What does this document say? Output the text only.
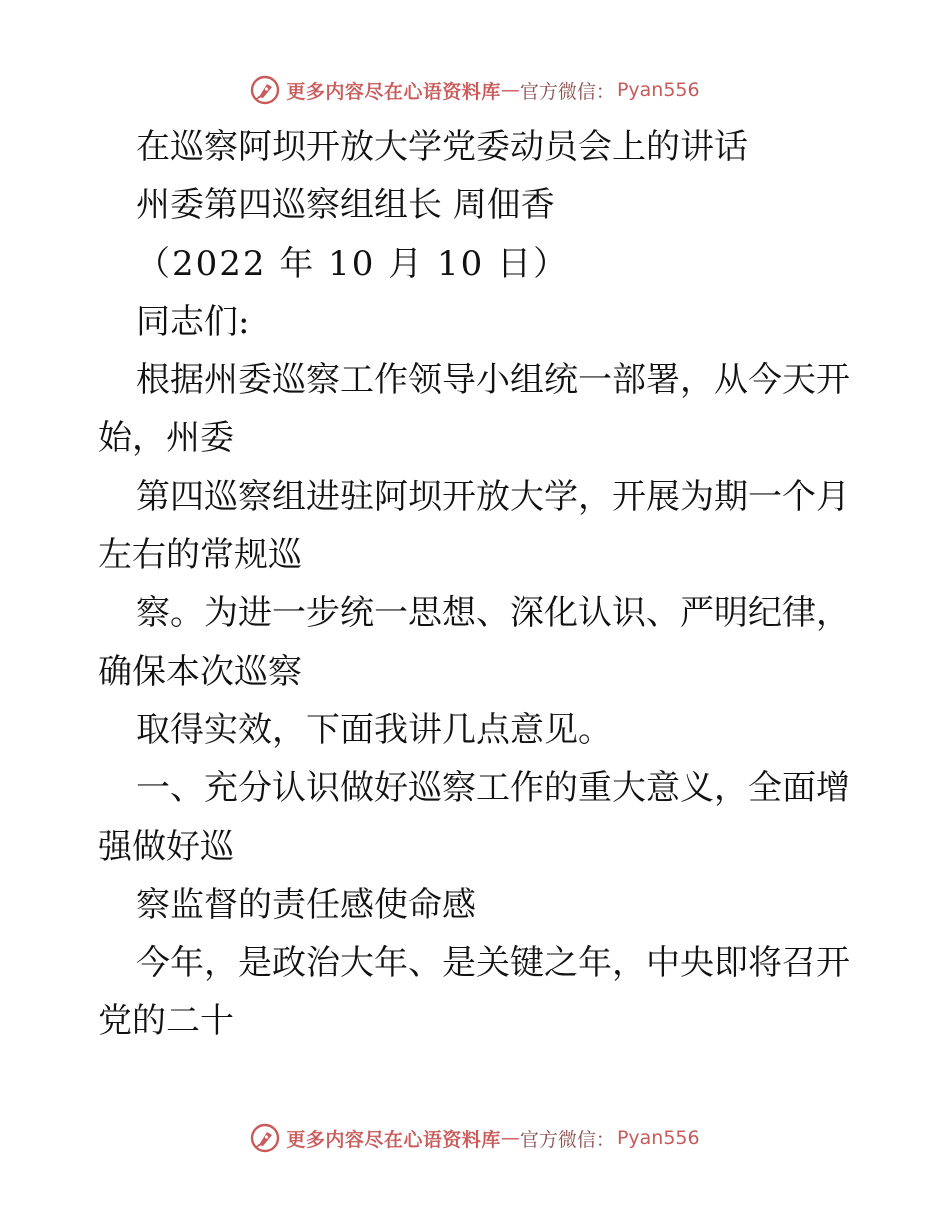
更多内容尽在心语资料库 — 官方微信： Pyan556
在巡察阿坝开放大学党委动员会上的讲话
州委第四巡察组组长 周佃香
（2022 年 10 月 10 日）
同志们:
根据州委巡察工作领导小组统一部署，从今天开
始，州委
第四巡察组进驻阿坝开放大学，开展为期一个月
左右的常规巡
察。为进一步统一思想、深化认识、严明纪律，
确保本次巡察
取得实效，下面我讲几点意见。
一、充分认识做好巡察工作的重大意义，全面增
强做好巡
察监督的责任感使命感
今年，是政治大年、是关键之年，中央即将召开
党的二十
更多内容尽在心语资料库 — 官方微信： Pyan556
